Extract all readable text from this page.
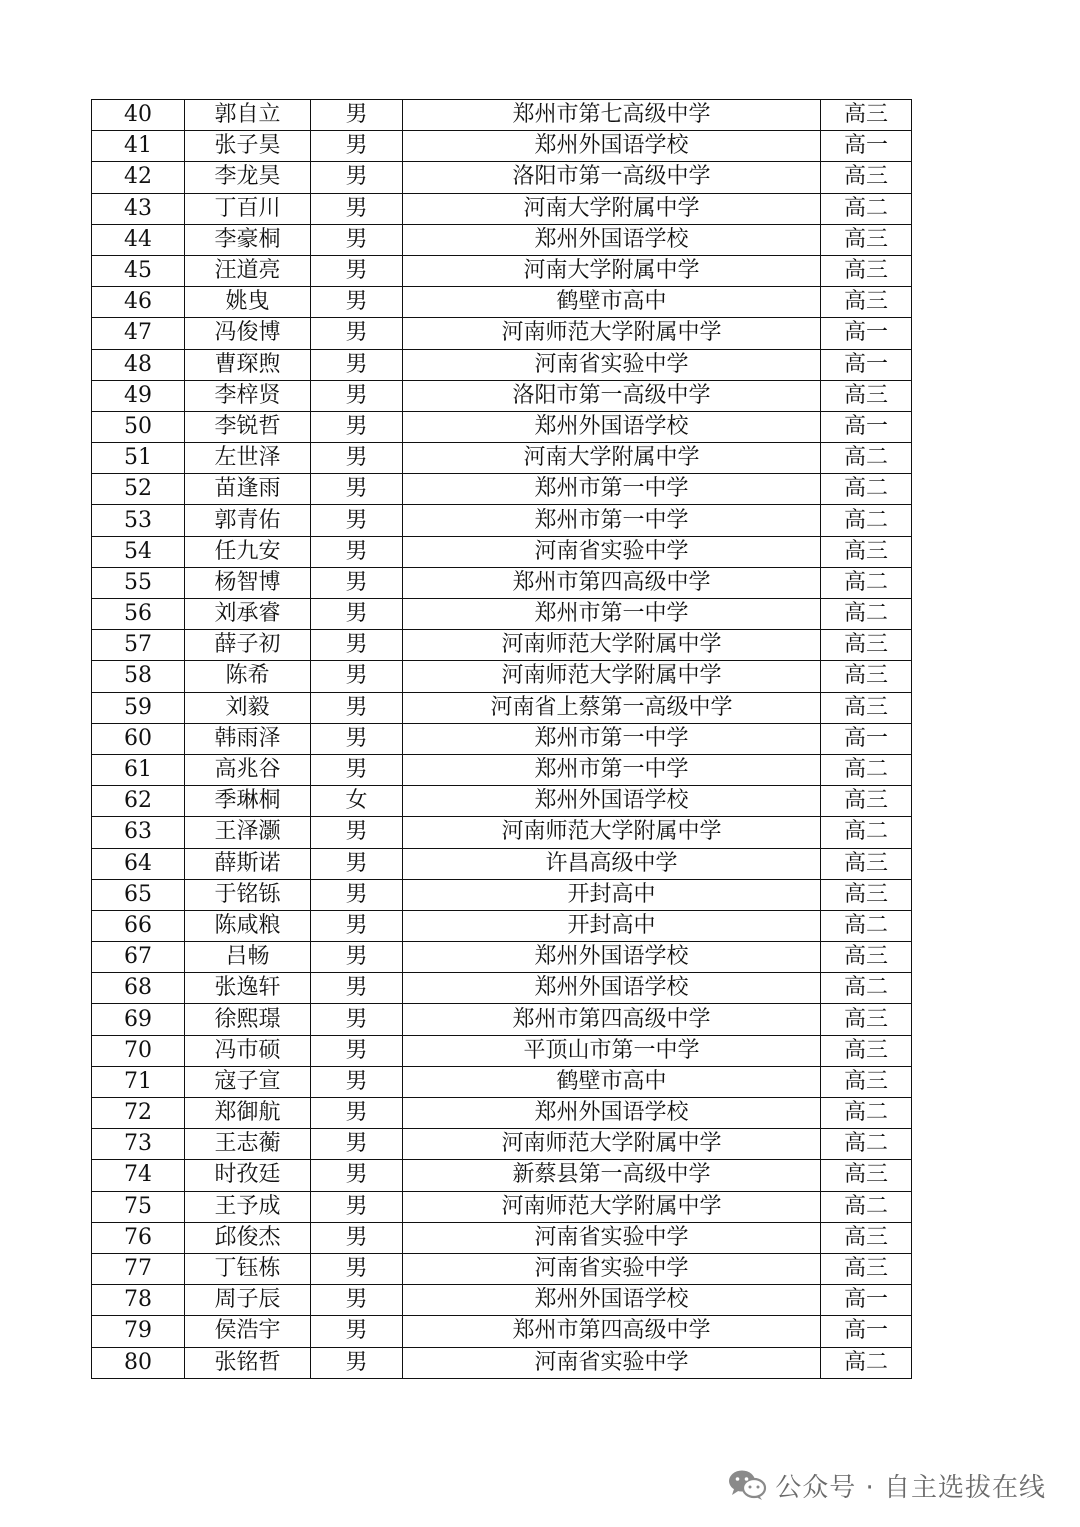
40	郭自立	男	郑州市第七高级中学	高三
41	张子昊	男	郑州外国语学校	高一
42	李龙昊	男	洛阳市第一高级中学	高三
43	丁百川	男	河南大学附属中学	高二
44	李豪桐	男	郑州外国语学校	高三
45	汪道亮	男	河南大学附属中学	高三
46	姚曳	男	鹤壁市高中	高三
47	冯俊博	男	河南师范大学附属中学	高一
48	曹琛煦	男	河南省实验中学	高一
49	李梓贤	男	洛阳市第一高级中学	高三
50	李锐哲	男	郑州外国语学校	高一
51	左世泽	男	河南大学附属中学	高二
52	苗逢雨	男	郑州市第一中学	高二
53	郭青佑	男	郑州市第一中学	高二
54	任九安	男	河南省实验中学	高三
55	杨智博	男	郑州市第四高级中学	高二
56	刘承睿	男	郑州市第一中学	高二
57	薛子初	男	河南师范大学附属中学	高三
58	陈希	男	河南师范大学附属中学	高三
59	刘毅	男	河南省上蔡第一高级中学	高三
60	韩雨泽	男	郑州市第一中学	高一
61	高兆谷	男	郑州市第一中学	高二
62	季琳桐	女	郑州外国语学校	高三
63	王泽灏	男	河南师范大学附属中学	高二
64	薛斯诺	男	许昌高级中学	高三
65	于铭铄	男	开封高中	高三
66	陈咸粮	男	开封高中	高二
67	吕畅	男	郑州外国语学校	高三
68	张逸轩	男	郑州外国语学校	高二
69	徐熙璟	男	郑州市第四高级中学	高三
70	冯巿硕	男	平顶山市第一中学	高三
71	寇子宣	男	鹤壁市高中	高三
72	郑御航	男	郑州外国语学校	高二
73	王志蘅	男	河南师范大学附属中学	高二
74	时孜廷	男	新蔡县第一高级中学	高三
75	王予成	男	河南师范大学附属中学	高二
76	邱俊杰	男	河南省实验中学	高三
77	丁钰栋	男	河南省实验中学	高三
78	周子辰	男	郑州外国语学校	高一
79	侯浩宇	男	郑州市第四高级中学	高一
80	张铭哲	男	河南省实验中学	高二
公众号 · 自主选拔在线
